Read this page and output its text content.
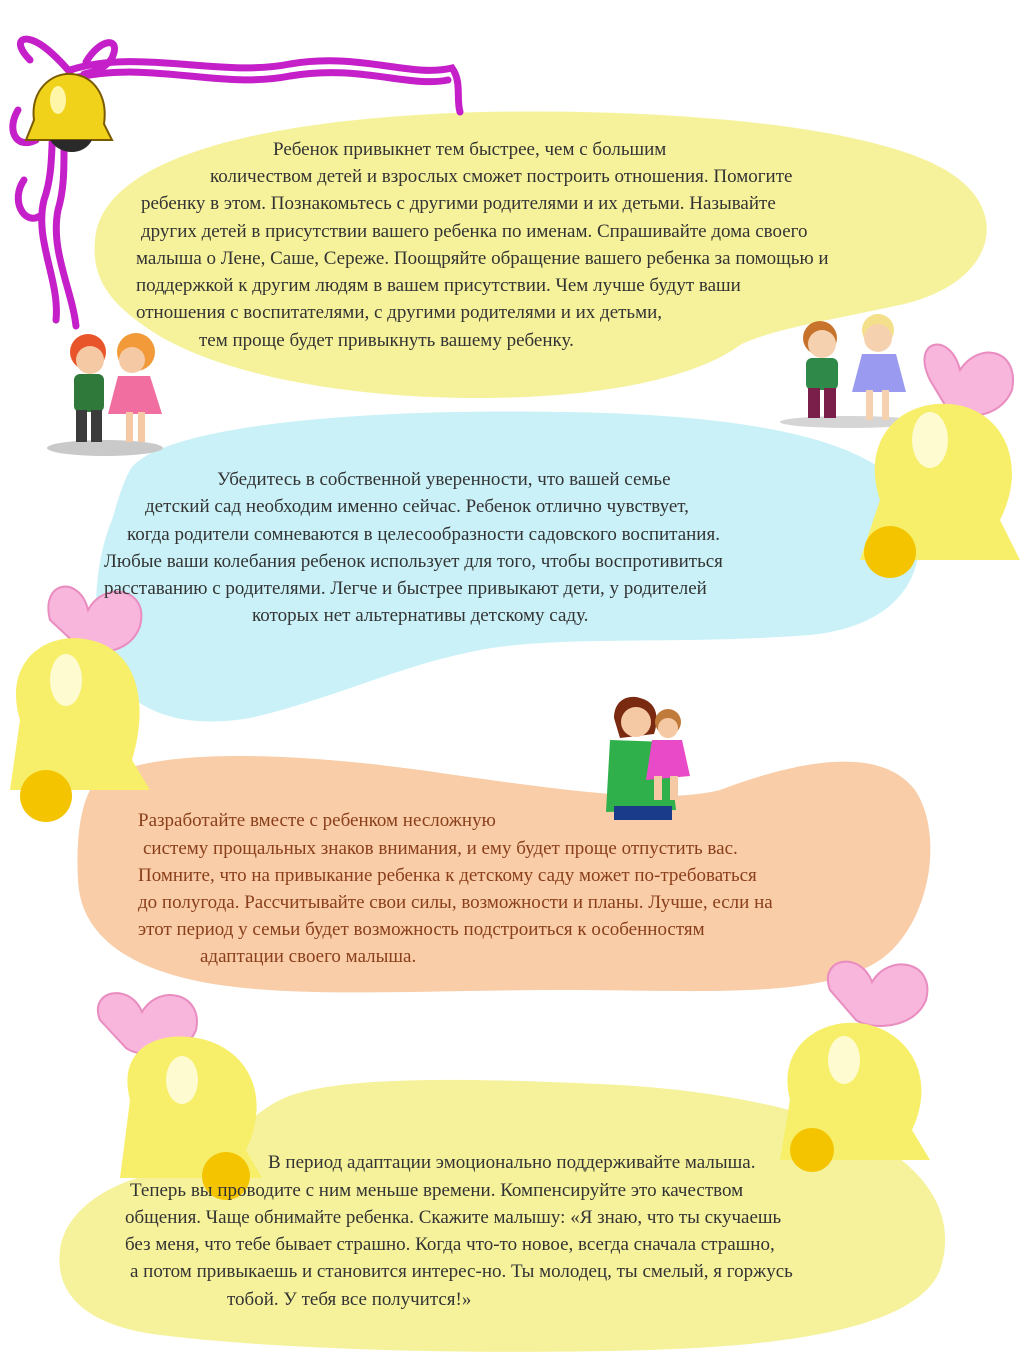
Ребенок привыкнет тем быстрее, чем с большим
количеством детей и взрослых сможет построить отношения. Помогите
ребенку в этом. Познакомьтесь с другими родителями и их детьми. Называйте
других детей в присутствии вашего ребенка по именам. Спрашивайте дома своего
малыша о Лене, Саше, Сереже. Поощряйте обращение вашего ребенка за помощью и
поддержкой к другим людям в вашем присутствии. Чем лучше будут ваши
отношения с воспитателями, с другими родителями и их детьми,
тем проще будет привыкнуть вашему ребенку.
Убедитесь в собственной уверенности, что вашей семье
детский сад необходим именно сейчас. Ребенок отлично чувствует,
когда родители сомневаются в целесообразности садовского воспитания.
Любые ваши колебания ребенок использует для того, чтобы воспротивиться
расставанию с родителями. Легче и быстрее привыкают дети, у родителей
которых нет альтернативы детскому саду.
Разработайте вместе с ребенком несложную
систему прощальных знаков внимания, и ему будет проще отпустить вас.
Помните, что на привыкание ребенка к детскому саду может по-требоваться
до полугода. Рассчитывайте свои силы, возможности и планы. Лучше, если на
этот период у семьи будет возможность подстроиться к особенностям
адаптации своего малыша.
В период адаптации эмоционально поддерживайте малыша.
Теперь вы проводите с ним меньше времени. Компенсируйте это качеством
общения. Чаще обнимайте ребенка. Скажите малышу: «Я знаю, что ты скучаешь
без меня, что тебе бывает страшно. Когда что-то новое, всегда сначала страшно,
а потом привыкаешь и становится интерес-но. Ты молодец, ты смелый, я горжусь
тобой. У тебя все получится!»
